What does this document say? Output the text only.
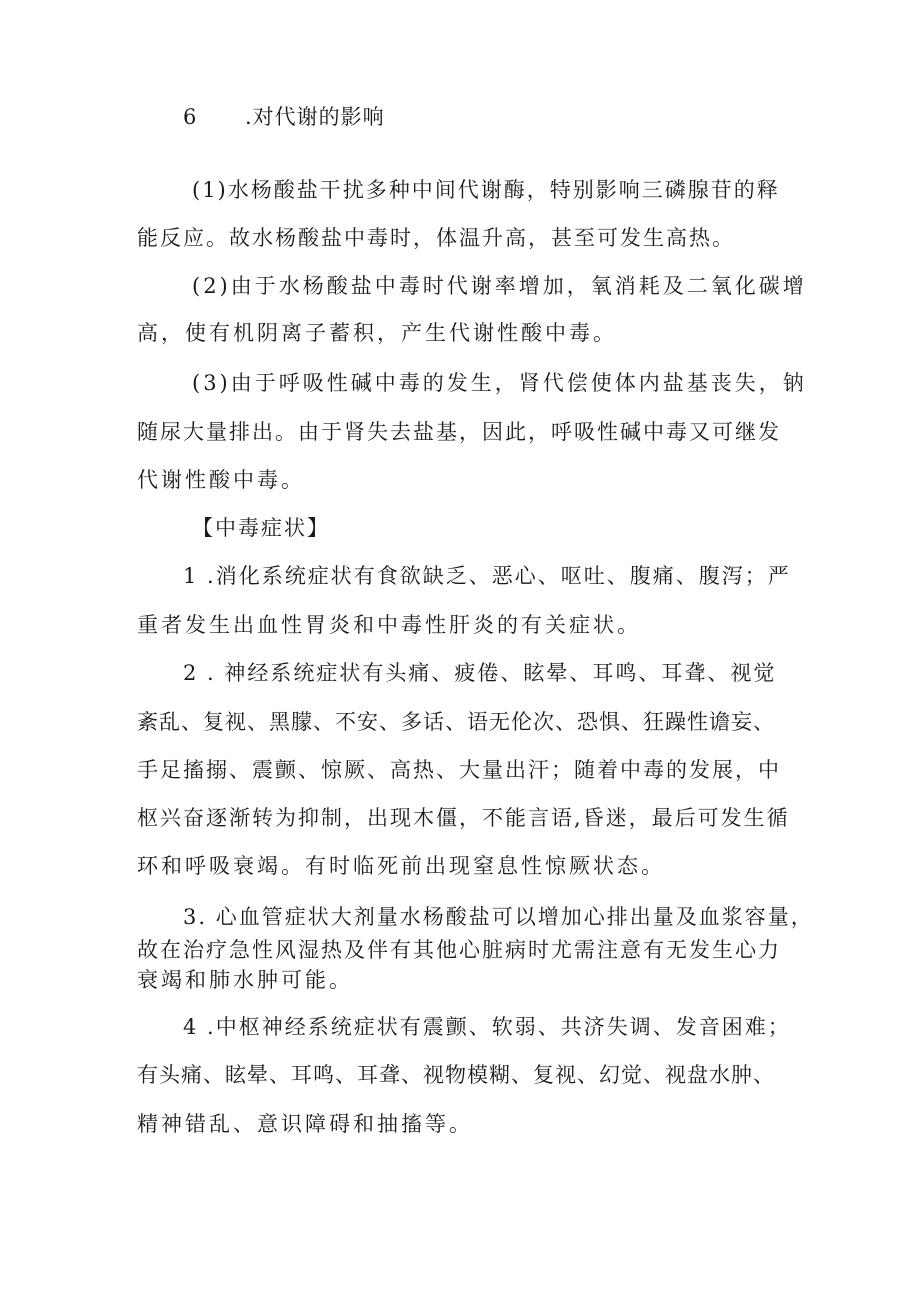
6 .对代谢的影响
(1)水杨酸盐干扰多种中间代谢酶，特别影响三磷腺苷的释
能反应。故水杨酸盐中毒时，体温升高，甚至可发生高热。
(2)由于水杨酸盐中毒时代谢率增加，氧消耗及二氧化碳增
高，使有机阴离子蓄积，产生代谢性酸中毒。
(3)由于呼吸性碱中毒的发生，肾代偿使体内盐基丧失，钠
随尿大量排出。由于肾失去盐基，因此，呼吸性碱中毒又可继发
代谢性酸中毒。
【中毒症状】
1 .消化系统症状有食欲缺乏、恶心、呕吐、腹痛、腹泻；严
重者发生出血性胃炎和中毒性肝炎的有关症状。
2 . 神经系统症状有头痛、疲倦、眩晕、耳鸣、耳聋、视觉
紊乱、复视、黑朦、不安、多话、语无伦次、恐惧、狂躁性谵妄、
手足搐搦、震颤、惊厥、高热、大量出汗；随着中毒的发展，中
枢兴奋逐渐转为抑制，出现木僵，不能言语,昏迷，最后可发生循
环和呼吸衰竭。有时临死前出现窒息性惊厥状态。
3. 心血管症状大剂量水杨酸盐可以增加心排出量及血浆容量，
故在治疗急性风湿热及伴有其他心脏病时尤需注意有无发生心力
衰竭和肺水肿可能。
4 .中枢神经系统症状有震颤、软弱、共济失调、发音困难；
有头痛、眩晕、耳鸣、耳聋、视物模糊、复视、幻觉、视盘水肿、
精神错乱、意识障碍和抽搐等。
